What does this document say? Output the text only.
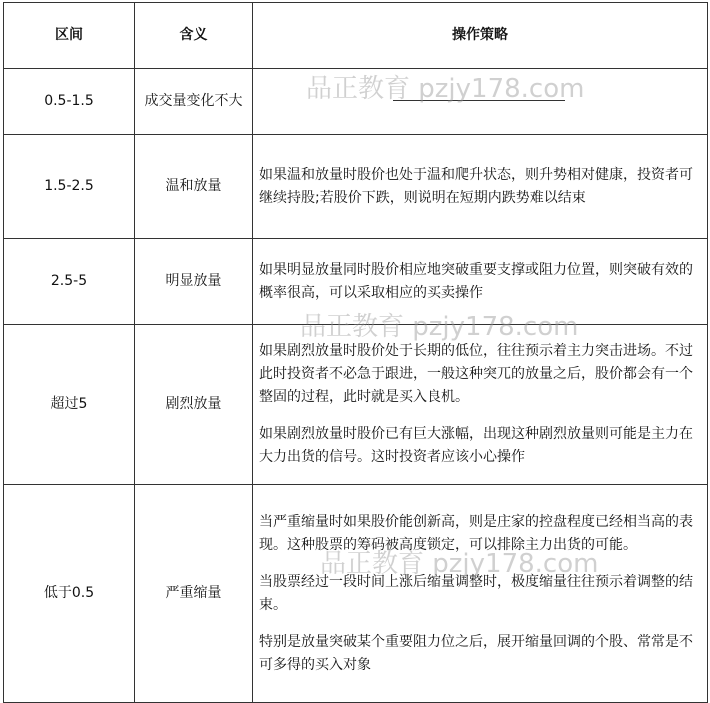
区间	含义	操作策略
0.5-1.5	成交量变化不大	
1.5-2.5	温和放量	如果温和放量时股价也处于温和爬升状态，则升势相对健康，投资者可继续持股;若股价下跌，则说明在短期内跌势难以结束

2.5-5	明显放量	如果明显放量同时股价相应地突破重要支撑或阻力位置，则突破有效的概率很高，可以采取相应的买卖操作

超过5	剧烈放量	如果剧烈放量时股价处于长期的低位，往往预示着主力突击进场。不过此时投资者不必急于跟进，一般这种突兀的放量之后，股价都会有一个整固的过程，此时就是买入良机。
如果剧烈放量时股价已有巨大涨幅，出现这种剧烈放量则可能是主力在大力出货的信号。这时投资者应该小心操作

低于0.5	严重缩量	当严重缩量时如果股价能创新高，则是庄家的控盘程度已经相当高的表现。这种股票的筹码被高度锁定，可以排除主力出货的可能。
当股票经过一段时间上涨后缩量调整时，极度缩量往往预示着调整的结束。
特别是放量突破某个重要阻力位之后，展开缩量回调的个股、常常是不可多得的买入对象
品正教育 pzjy178.com
品正教育 pzjy178.com
品正教育 pzjy178.com
